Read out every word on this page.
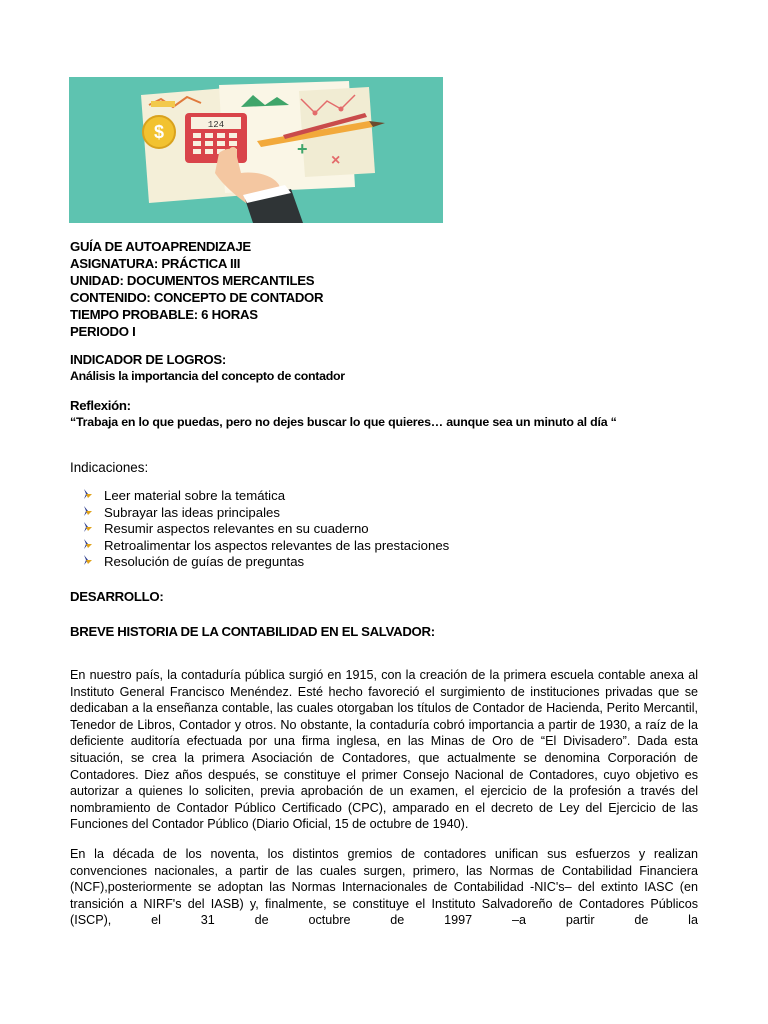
$	124
+
×
GUÍA DE AUTOAPRENDIZAJE
ASIGNATURA: PRÁCTICA III
UNIDAD: DOCUMENTOS MERCANTILES
CONTENIDO: CONCEPTO DE CONTADOR
TIEMPO PROBABLE: 6 HORAS
PERIODO I
INDICADOR DE LOGROS:
Análisis la importancia del concepto de contador
Reflexión:
“Trabaja en lo que puedas, pero no dejes buscar lo que quieres… aunque sea un minuto al día “
Indicaciones:
Leer material sobre la temática
Subrayar las ideas principales
Resumir aspectos relevantes en su cuaderno
Retroalimentar los aspectos relevantes de las prestaciones
Resolución de guías de preguntas
DESARROLLO:
BREVE HISTORIA DE LA CONTABILIDAD EN EL SALVADOR:
En nuestro país, la contaduría pública surgió en 1915, con la creación de la primera escuela contable anexa al Instituto General Francisco Menéndez. Esté hecho favoreció el surgimiento de instituciones privadas que se dedicaban a la enseñanza contable, las cuales otorgaban los títulos de Contador de Hacienda, Perito Mercantil, Tenedor de Libros, Contador y otros. No obstante, la contaduría cobró importancia a partir de 1930, a raíz de la deficiente auditoría efectuada por una firma inglesa, en las Minas de Oro de “El Divisadero”. Dada esta situación, se crea la primera Asociación de Contadores, que actualmente se denomina Corporación de Contadores. Diez años después, se constituye el primer Consejo Nacional de Contadores, cuyo objetivo es autorizar a quienes lo soliciten, previa aprobación de un examen, el ejercicio de la profesión a través del nombramiento de Contador Público Certificado (CPC), amparado en el decreto de Ley del Ejercicio de las Funciones del Contador Público (Diario Oficial, 15 de octubre de 1940).
En la década de los noventa, los distintos gremios de contadores unifican sus esfuerzos y realizan convenciones nacionales, a partir de las cuales surgen, primero, las Normas de Contabilidad Financiera (NCF),posteriormente se adoptan las Normas Internacionales de Contabilidad -NIC's– del extinto IASC (en transición a NIRF's del IASB) y, finalmente, se constituye el Instituto Salvadoreño de Contadores Públicos (ISCP), el 31 de octubre de 1997 –a partir de la
